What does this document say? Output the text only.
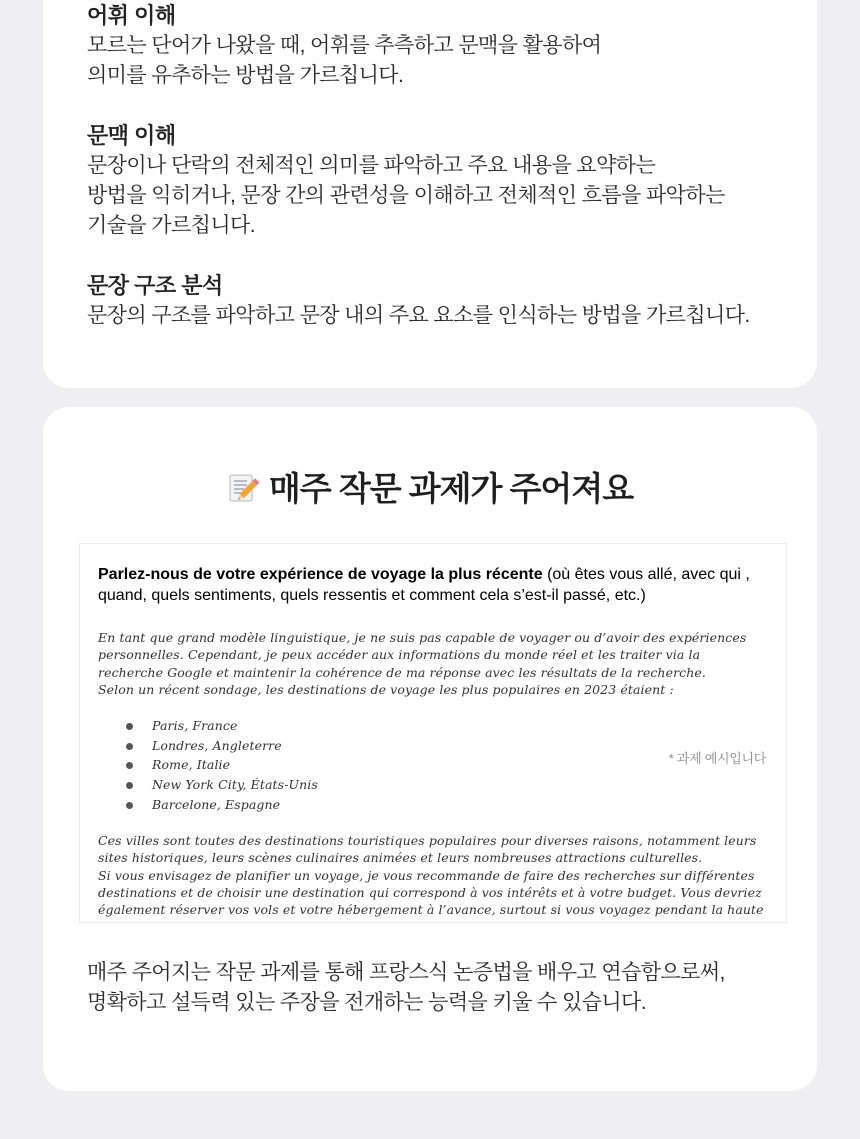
어휘 이해
모르는 단어가 나왔을 때, 어휘를 추측하고 문맥을 활용하여
의미를 유추하는 방법을 가르칩니다.
문맥 이해
문장이나 단락의 전체적인 의미를 파악하고 주요 내용을 요약하는
방법을 익히거나, 문장 간의 관련성을 이해하고 전체적인 흐름을 파악하는
기술을 가르칩니다.
문장 구조 분석
문장의 구조를 파악하고 문장 내의 주요 요소를 인식하는 방법을 가르칩니다.
매주 작문 과제가 주어져요
Parlez-nous de votre expérience de voyage la plus récente (où êtes vous allé, avec qui , quand, quels sentiments, quels ressentis et comment cela s’est-il passé, etc.)
En tant que grand modèle linguistique, je ne suis pas capable de voyager ou d’avoir des expériences
personnelles. Cependant, je peux accéder aux informations du monde réel et les traiter via la
recherche Google et maintenir la cohérence de ma réponse avec les résultats de la recherche.
Selon un récent sondage, les destinations de voyage les plus populaires en 2023 étaient :
Paris, France
Londres, Angleterre
Rome, Italie
New York City, États-Unis
Barcelone, Espagne
* 과제 예시입니다
Ces villes sont toutes des destinations touristiques populaires pour diverses raisons, notamment leurs
sites historiques, leurs scènes culinaires animées et leurs nombreuses attractions culturelles.
Si vous envisagez de planifier un voyage, je vous recommande de faire des recherches sur différentes
destinations et de choisir une destination qui correspond à vos intérêts et à votre budget. Vous devriez
également réserver vos vols et votre hébergement à l’avance, surtout si vous voyagez pendant la haute
매주 주어지는 작문 과제를 통해 프랑스식 논증법을 배우고 연습함으로써,
명확하고 설득력 있는 주장을 전개하는 능력을 키울 수 있습니다.
